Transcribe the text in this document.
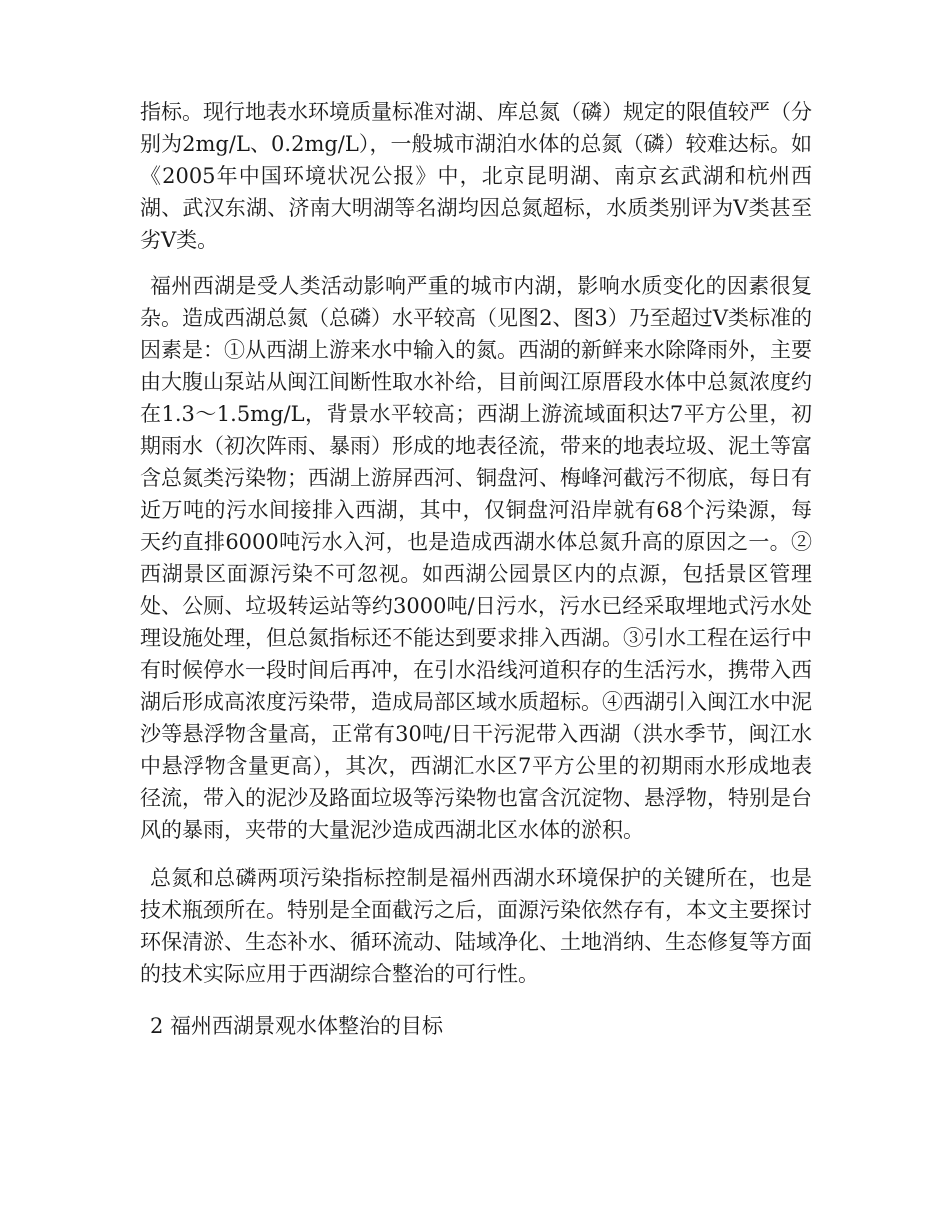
指标。现行地表水环境质量标准对湖、库总氮（磷）规定的限值较严（分别为2mg/L、0.2mg/L），一般城市湖泊水体的总氮（磷）较难达标。如《2005年中国环境状况公报》中，北京昆明湖、南京玄武湖和杭州西湖、武汉东湖、济南大明湖等名湖均因总氮超标，水质类别评为Ⅴ类甚至劣Ⅴ类。

福州西湖是受人类活动影响严重的城市内湖，影响水质变化的因素很复杂。造成西湖总氮（总磷）水平较高（见图2、图3）乃至超过Ⅴ类标准的因素是：①从西湖上游来水中输入的氮。西湖的新鲜来水除降雨外，主要由大腹山泵站从闽江间断性取水补给，目前闽江原厝段水体中总氮浓度约在1.3～1.5mg/L，背景水平较高；西湖上游流域面积达7平方公里，初期雨水（初次阵雨、暴雨）形成的地表径流，带来的地表垃圾、泥土等富含总氮类污染物；西湖上游屏西河、铜盘河、梅峰河截污不彻底，每日有近万吨的污水间接排入西湖，其中，仅铜盘河沿岸就有68个污染源，每天约直排6000吨污水入河，也是造成西湖水体总氮升高的原因之一。②西湖景区面源污染不可忽视。如西湖公园景区内的点源，包括景区管理处、公厕、垃圾转运站等约3000吨/日污水，污水已经采取埋地式污水处理设施处理，但总氮指标还不能达到要求排入西湖。③引水工程在运行中有时候停水一段时间后再冲，在引水沿线河道积存的生活污水，携带入西湖后形成高浓度污染带，造成局部区域水质超标。④西湖引入闽江水中泥沙等悬浮物含量高，正常有30吨/日干污泥带入西湖（洪水季节，闽江水中悬浮物含量更高），其次，西湖汇水区7平方公里的初期雨水形成地表径流，带入的泥沙及路面垃圾等污染物也富含沉淀物、悬浮物，特别是台风的暴雨，夹带的大量泥沙造成西湖北区水体的淤积。

总氮和总磷两项污染指标控制是福州西湖水环境保护的关键所在，也是技术瓶颈所在。特别是全面截污之后，面源污染依然存有，本文主要探讨环保清淤、生态补水、循环流动、陆域净化、土地消纳、生态修复等方面的技术实际应用于西湖综合整治的可行性。

2 福州西湖景观水体整治的目标
